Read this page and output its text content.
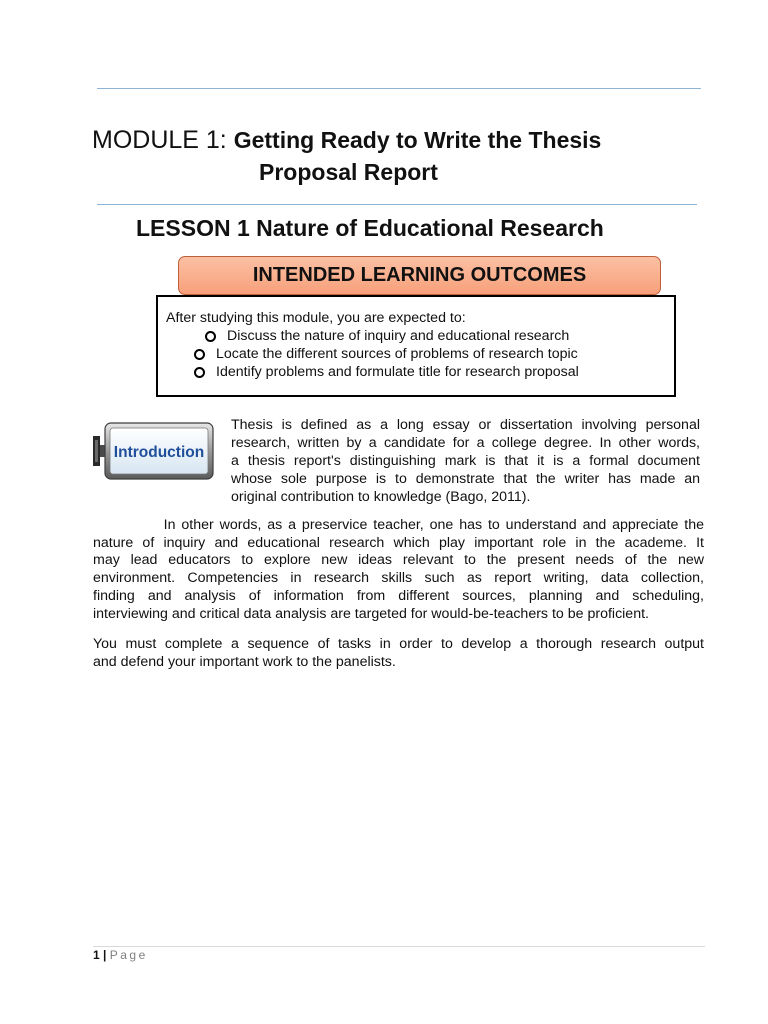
MODULE 1: Getting Ready to Write the Thesis
Proposal Report
LESSON 1 Nature of Educational Research
INTENDED LEARNING OUTCOMES
After studying this module, you are expected to:
Discuss the nature of inquiry and educational research
Locate the different sources of problems of research topic
Identify problems and formulate title for research proposal
Introduction
Thesis is defined as a long essay or dissertation involving personal
research, written by a candidate for a college degree. In other words,
a thesis report's distinguishing mark is that it is a formal document
whose sole purpose is to demonstrate that the writer has made an
original contribution to knowledge (Bago, 2011).
In other words, as a preservice teacher, one has to understand and appreciate the
nature of inquiry and educational research which play important role in the academe. It
may lead educators to explore new ideas relevant to the present needs of the new
environment. Competencies in research skills such as report writing, data collection,
finding and analysis of information from different sources, planning and scheduling,
interviewing and critical data analysis are targeted for would-be-teachers to be proficient.
You must complete a sequence of tasks in order to develop a thorough research output
and defend your important work to the panelists.
1 | Page
